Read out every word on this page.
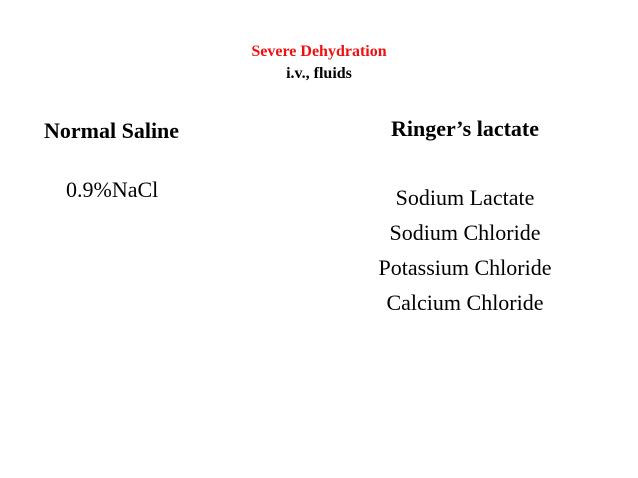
Severe Dehydration
i.v., fluids
Normal Saline
0.9%NaCl
Ringer’s lactate
Sodium Lactate
Sodium Chloride
Potassium Chloride
Calcium Chloride
